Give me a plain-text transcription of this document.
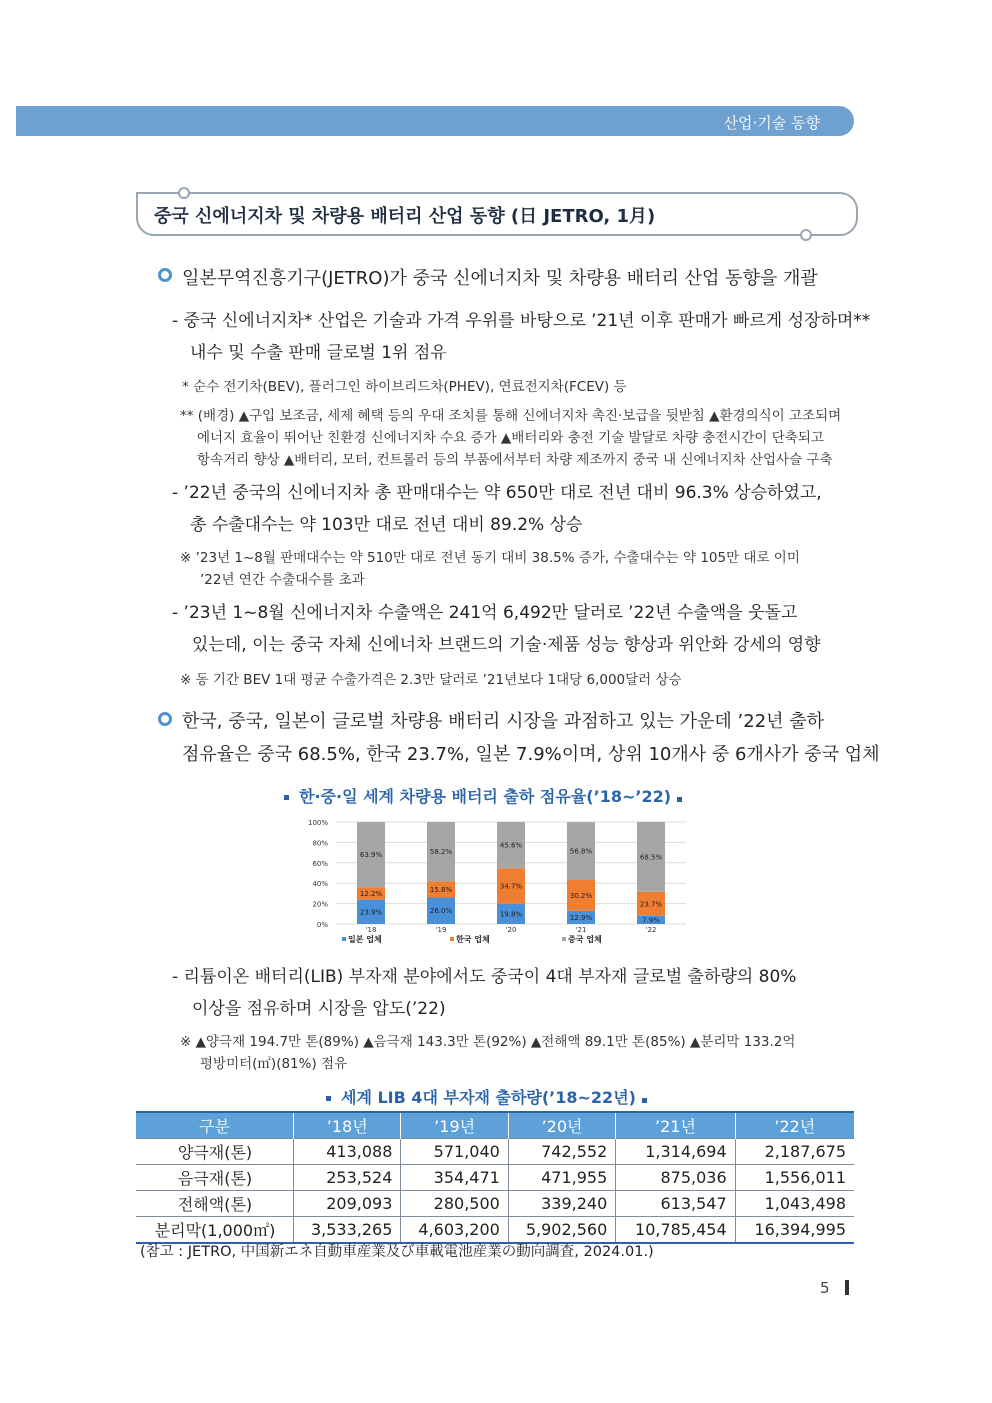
산업·기술 동향
중국 신에너지차 및 차량용 배터리 산업 동향 (日 JETRO, 1月)
일본무역진흥기구(JETRO)가 중국 신에너지차 및 차량용 배터리 산업 동향을 개괄
- 중국 신에너지차* 산업은 기술과 가격 우위를 바탕으로 ’21년 이후 판매가 빠르게 성장하며**
내수 및 수출 판매 글로벌 1위 점유
* 순수 전기차(BEV), 플러그인 하이브리드차(PHEV), 연료전지차(FCEV) 등
** (배경) ▲구입 보조금, 세제 혜택 등의 우대 조치를 통해 신에너지차 촉진·보급을 뒷받침 ▲환경의식이 고조되며
에너지 효율이 뛰어난 친환경 신에너지차 수요 증가 ▲배터리와 충전 기술 발달로 차량 충전시간이 단축되고
항속거리 향상 ▲배터리, 모터, 컨트롤러 등의 부품에서부터 차량 제조까지 중국 내 신에너지차 산업사슬 구축
- ’22년 중국의 신에너지차 총 판매대수는 약 650만 대로 전년 대비 96.3% 상승하였고,
총 수출대수는 약 103만 대로 전년 대비 89.2% 상승
※ ’23년 1~8월 판매대수는 약 510만 대로 전년 동기 대비 38.5% 증가, 수출대수는 약 105만 대로 이미
’22년 연간 수출대수를 초과
- ’23년 1~8월 신에너지차 수출액은 241억 6,492만 달러로 ’22년 수출액을 웃돌고
있는데, 이는 중국 자체 신에너차 브랜드의 기술·제품 성능 향상과 위안화 강세의 영향
※ 동 기간 BEV 1대 평균 수출가격은 2.3만 달러로 ’21년보다 1대당 6,000달러 상승
한국, 중국, 일본이 글로벌 차량용 배터리 시장을 과점하고 있는 가운데 ’22년 출하
점유율은 중국 68.5%, 한국 23.7%, 일본 7.9%이며, 상위 10개사 중 6개사가 중국 업체
한·중·일 세계 차량용 배터리 출하 점유율(’18~’22)
0%
20%
40%
60%
80%
100%
23.9%
12.2%
63.9%
'18
26.0%
15.8%
58.2%
'19
19.8%
34.7%
45.6%
'20
12.9%
30.2%
56.8%
'21
7.9%
23.7%
68.5%
'22
일본 업체	한국 업체	중국 업체
- 리튬이온 배터리(LIB) 부자재 분야에서도 중국이 4대 부자재 글로벌 출하량의 80%
이상을 점유하며 시장을 압도(’22)
※ ▲양극재 194.7만 톤(89%) ▲음극재 143.3만 톤(92%) ▲전해액 89.1만 톤(85%) ▲분리막 133.2억
평방미터(㎡)(81%) 점유
세계 LIB 4대 부자재 출하량(’18~22년)
구분	’18년	’19년	’20년	’21년	’22년
양극재(톤)	413,088	571,040	742,552	1,314,694	2,187,675
음극재(톤)	253,524	354,471	471,955	875,036	1,556,011
전해액(톤)	209,093	280,500	339,240	613,547	1,043,498
분리막(1,000㎡)	3,533,265	4,603,200	5,902,560	10,785,454	16,394,995
(참고 : JETRO, 中国新エネ自動車産業及び車載電池産業の動向調査, 2024.01.)
5
